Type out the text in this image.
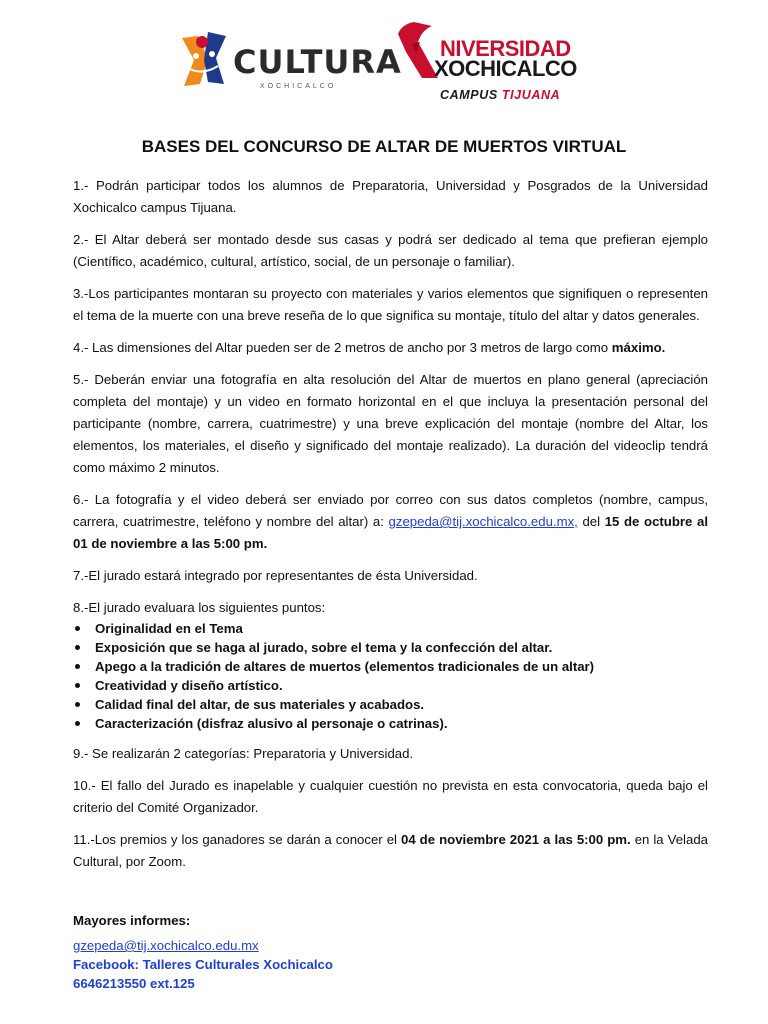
CULTURA
XOCHICALCO
NIVERSIDAD
XOCHICALCO
CAMPUS TIJUANA
BASES DEL CONCURSO DE ALTAR DE MUERTOS VIRTUAL

1.- Podrán participar todos los alumnos de Preparatoria, Universidad y Posgrados de la Universidad Xochicalco campus Tijuana.

2.- El Altar deberá ser montado desde sus casas y podrá ser dedicado al tema que prefieran ejemplo (Científico, académico, cultural, artístico, social, de un personaje o familiar).

3.-Los participantes montaran su proyecto con materiales y varios elementos que signifiquen o representen el tema de la muerte con una breve reseña de lo que significa su montaje, título del altar y datos generales.

4.- Las dimensiones del Altar pueden ser de 2 metros de ancho por 3 metros de largo como máximo.

5.- Deberán enviar una fotografía en alta resolución del Altar de muertos en plano general (apreciación completa del montaje) y un video en formato horizontal en el que incluya la presentación personal del participante (nombre, carrera, cuatrimestre) y una breve explicación del montaje (nombre del Altar, los elementos, los materiales, el diseño y significado del montaje realizado). La duración del videoclip tendrá como máximo 2 minutos.

6.- La fotografía y el video deberá ser enviado por correo con sus datos completos (nombre, campus, carrera, cuatrimestre, teléfono y nombre del altar) a: gzepeda@tij.xochicalco.edu.mx, del 15 de octubre al 01 de noviembre a las 5:00 pm.

7.-El jurado estará integrado por representantes de ésta Universidad.

8.-El jurado evaluara los siguientes puntos:

Originalidad en el Tema
Exposición que se haga al jurado, sobre el tema y la confección del altar.
Apego a la tradición de altares de muertos (elementos tradicionales de un altar)
Creatividad y diseño artístico.
Calidad final del altar, de sus materiales y acabados.
Caracterización (disfraz alusivo al personaje o catrinas).

9.- Se realizarán 2 categorías: Preparatoria y Universidad.

10.- El fallo del Jurado es inapelable y cualquier cuestión no prevista en esta convocatoria, queda bajo el criterio del Comité Organizador.

11.-Los premios y los ganadores se darán a conocer el 04 de noviembre 2021 a las 5:00 pm. en la Velada Cultural, por Zoom.

Mayores informes:
gzepeda@tij.xochicalco.edu.mx
Facebook: Talleres Culturales Xochicalco
6646213550 ext.125
